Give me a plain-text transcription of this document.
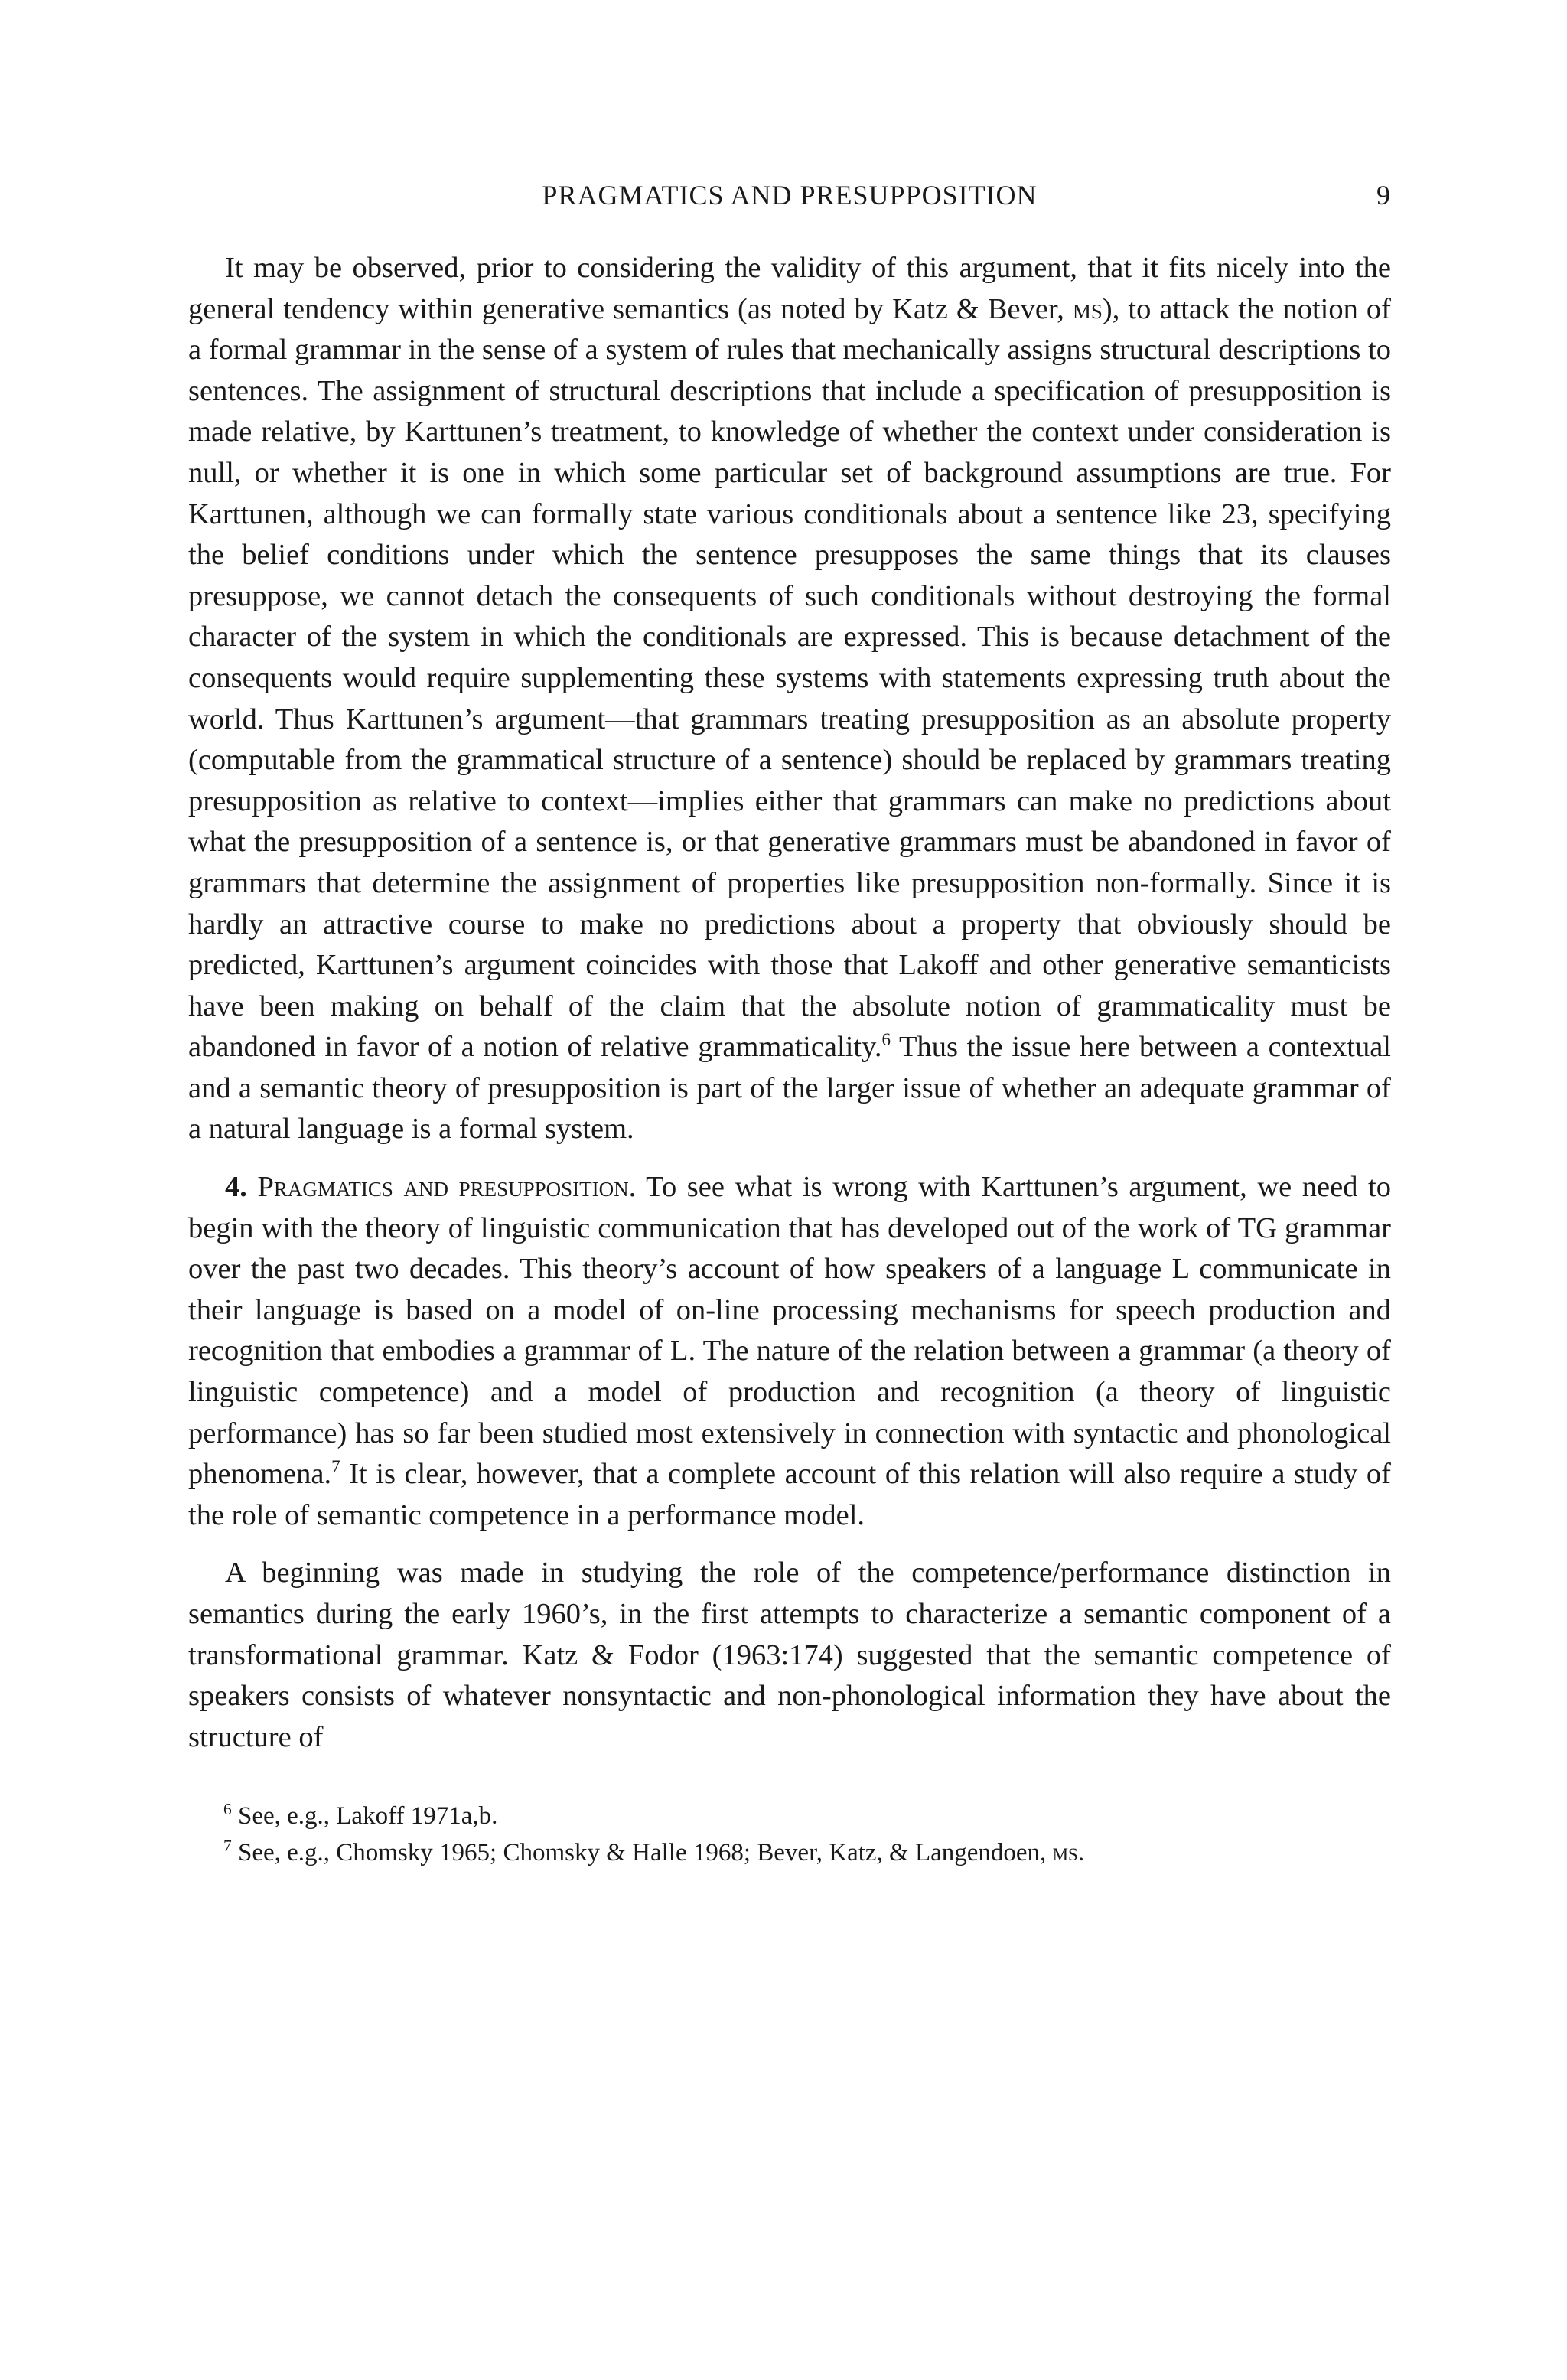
PRAGMATICS AND PRESUPPOSITION	9

It may be observed, prior to considering the validity of this argument, that it fits nicely into the general tendency within generative semantics (as noted by Katz & Bever, ms), to attack the notion of a formal grammar in the sense of a system of rules that mechanically assigns structural descriptions to sentences. The assignment of structural descriptions that include a specification of presupposition is made relative, by Karttunen’s treatment, to knowledge of whether the context under consideration is null, or whether it is one in which some particular set of background assumptions are true. For Karttunen, although we can formally state various conditionals about a sentence like 23, specifying the belief conditions under which the sentence presupposes the same things that its clauses presuppose, we cannot detach the consequents of such conditionals without destroying the formal character of the system in which the conditionals are expressed. This is because detachment of the consequents would require supplementing these systems with statements expressing truth about the world. Thus Karttunen’s argument—that grammars treating presupposition as an absolute property (computable from the grammatical structure of a sentence) should be replaced by grammars treating presupposition as relative to context—implies either that grammars can make no predictions about what the presupposition of a sentence is, or that generative grammars must be abandoned in favor of grammars that determine the assignment of properties like presupposition non-formally. Since it is hardly an attractive course to make no predictions about a property that obviously should be predicted, Karttunen’s argument coincides with those that Lakoff and other generative semanticists have been making on behalf of the claim that the absolute notion of grammaticality must be abandoned in favor of a notion of relative grammaticality.$^6$ Thus the issue here between a contextual and a semantic theory of presupposition is part of the larger issue of whether an adequate grammar of a natural language is a formal system.

4. Pragmatics and presupposition. To see what is wrong with Karttunen’s argument, we need to begin with the theory of linguistic communication that has developed out of the work of TG grammar over the past two decades. This theory’s account of how speakers of a language L communicate in their language is based on a model of on-line processing mechanisms for speech production and recognition that embodies a grammar of L. The nature of the relation between a grammar (a theory of linguistic competence) and a model of production and recognition (a theory of linguistic performance) has so far been studied most extensively in connection with syntactic and phonological phenomena.$^7$ It is clear, however, that a complete account of this relation will also require a study of the role of semantic competence in a performance model.

A beginning was made in studying the role of the competence/performance distinction in semantics during the early 1960’s, in the first attempts to characterize a semantic component of a transformational grammar. Katz & Fodor (1963:174) suggested that the semantic competence of speakers consists of whatever nonsyntactic and non-phonological information they have about the structure of

$^6$ See, e.g., Lakoff 1971a,b.
$^7$ See, e.g., Chomsky 1965; Chomsky & Halle 1968; Bever, Katz, & Langendoen, ms.
